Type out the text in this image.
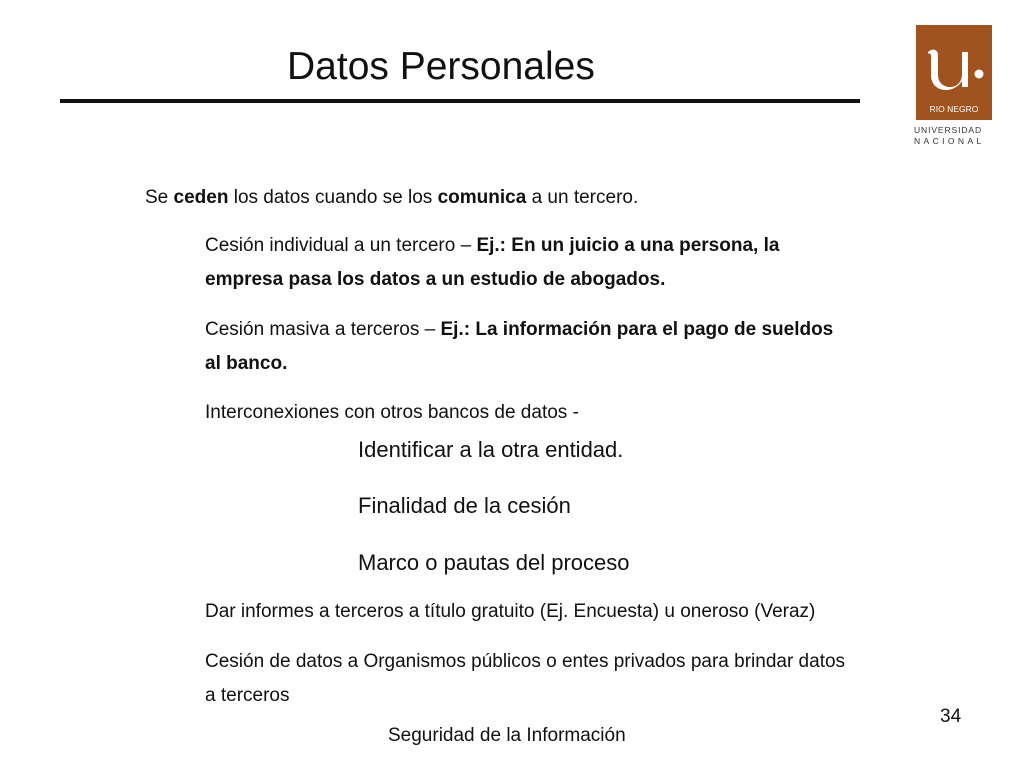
Datos Personales
RIO NEGRO
UNIVERSIDAD
NACIONAL
Se ceden los datos cuando se los comunica a un tercero.
Cesión individual a un tercero – Ej.: En un juicio a una persona, la
empresa pasa los datos a un estudio de abogados.
Cesión masiva a terceros – Ej.: La información para el pago de sueldos
al banco.
Interconexiones con otros bancos de datos -
Identificar a la otra entidad.
Finalidad de la cesión
Marco o pautas del proceso
Dar informes a terceros a título gratuito (Ej. Encuesta) u oneroso (Veraz)
Cesión de datos a Organismos públicos o entes privados para brindar datos
a terceros
34
Seguridad de la Información
